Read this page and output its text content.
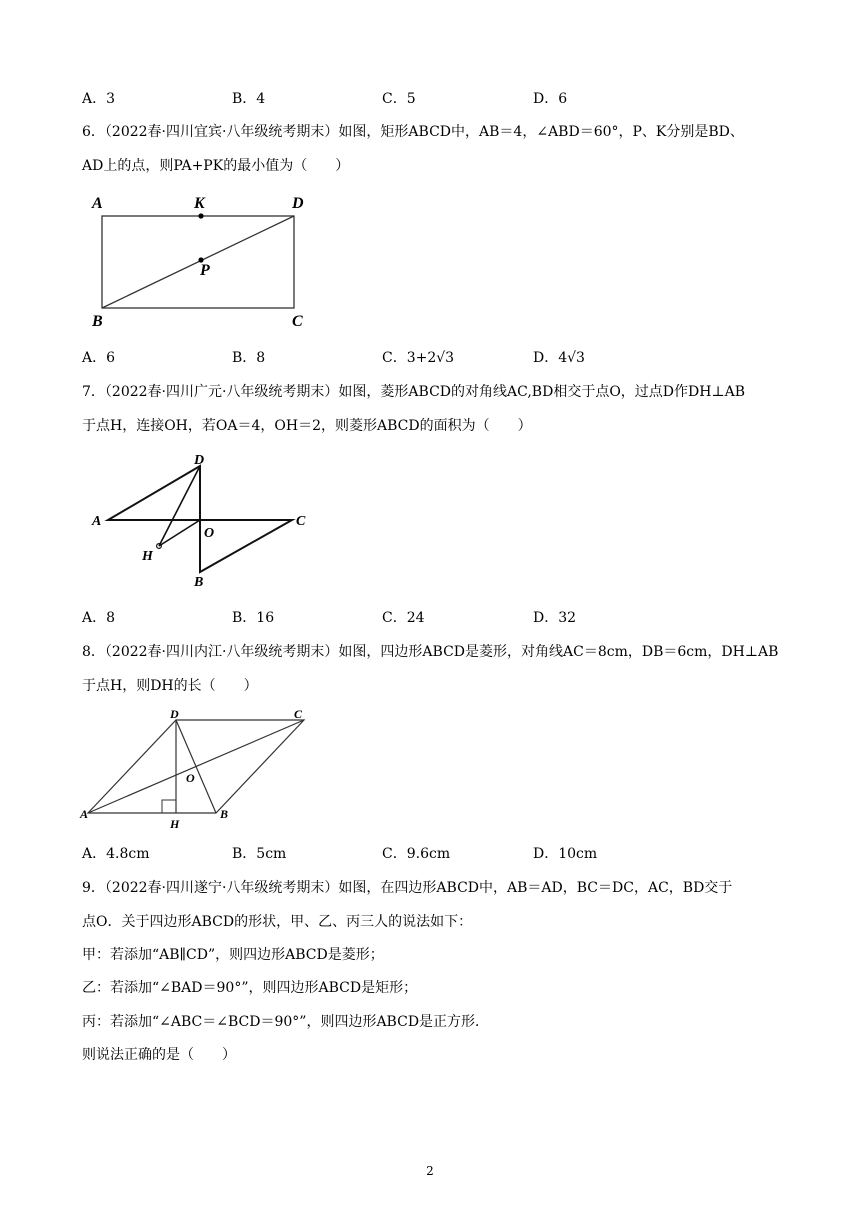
A．3	B．4	C．5	D．6
6．（2022春·四川宜宾·八年级统考期末）如图，矩形ABCD中，AB＝4，∠ABD＝60°，P、K分别是BD、
AD上的点，则PA+PK的最小值为（　　）
A	K	D
P
B	C
A．6	B．8	C．3+2√3	D．4√3
7．（2022春·四川广元·八年级统考期末）如图，菱形ABCD的对角线AC,BD相交于点O，过点D作DH⊥AB
于点H，连接OH，若OA＝4，OH＝2，则菱形ABCD的面积为（　　）
D
A
O
C
H
B
A．8	B．16	C．24	D．32
8．（2022春·四川内江·八年级统考期末）如图，四边形ABCD是菱形，对角线AC＝8cm，DB＝6cm，DH⊥AB
于点H，则DH的长（　　）
D	C
O
A
H
B
A．4.8cm	B．5cm	C．9.6cm	D．10cm
9．（2022春·四川遂宁·八年级统考期末）如图，在四边形ABCD中，AB＝AD，BC＝DC，AC，BD交于
点O．关于四边形ABCD的形状，甲、乙、丙三人的说法如下：
甲：若添加“AB∥CD”，则四边形ABCD是菱形；
乙：若添加“∠BAD＝90°”，则四边形ABCD是矩形；
丙：若添加“∠ABC＝∠BCD＝90°”，则四边形ABCD是正方形．
则说法正确的是（　　）
2
